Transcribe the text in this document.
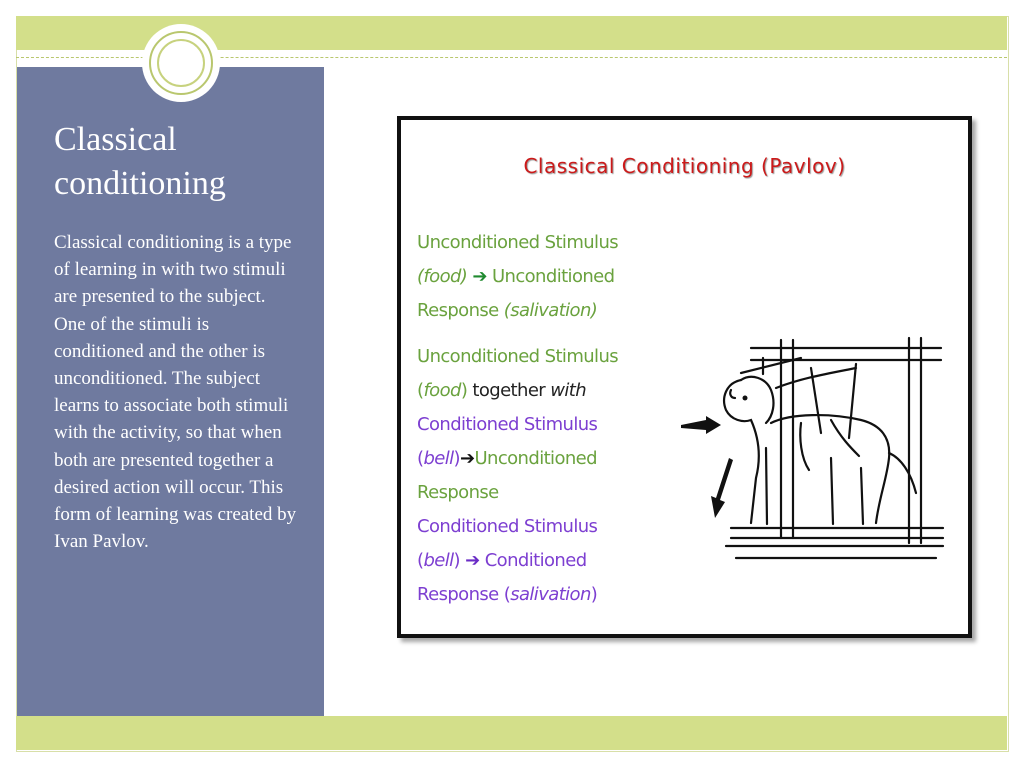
Classical conditioning

Classical conditioning is a type of learning in with two stimuli are presented to the subject. One of the stimuli is conditioned and the other is unconditioned. The subject learns to associate both stimuli with the activity, so that when both are presented together a desired action will occur. This form of learning was created by Ivan Pavlov.

Classical Conditioning (Pavlov)
Unconditioned Stimulus
(food) ➔ Unconditioned Response (salivation)
Unconditioned Stimulus
(food) together with
Conditioned Stimulus
(bell)➔Unconditioned Response
Conditioned Stimulus
(bell) ➔ Conditioned Response (salivation)
